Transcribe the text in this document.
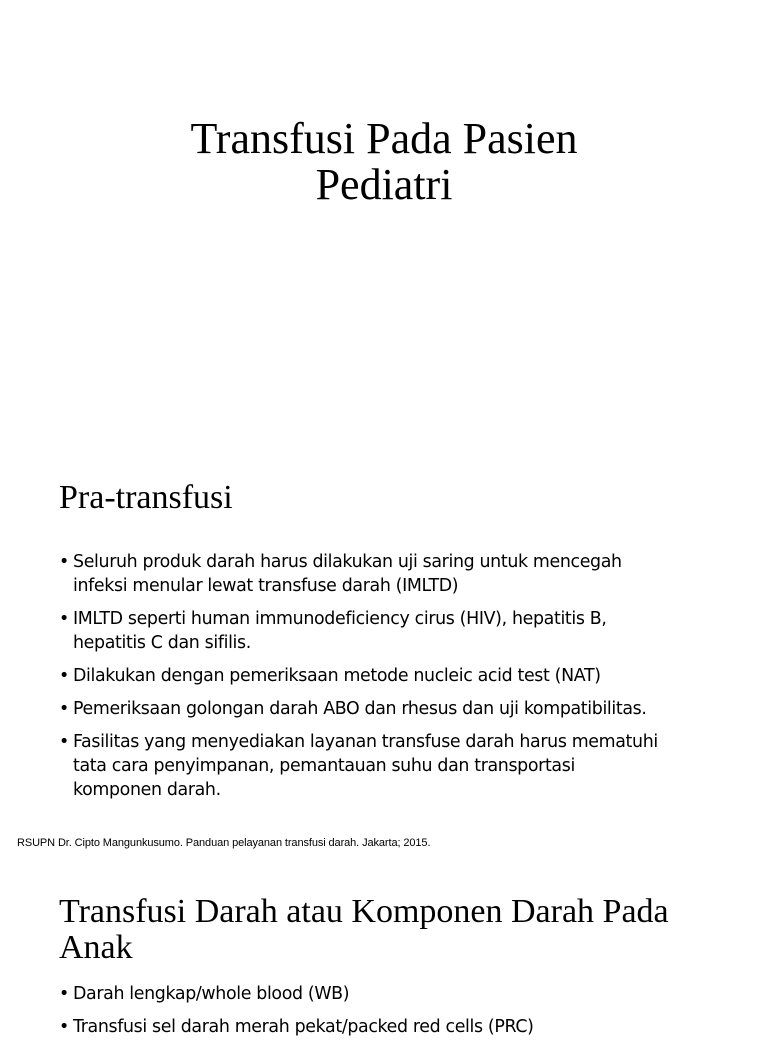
Transfusi Pada Pasien
Pediatri
Pra-transfusi
• Seluruh produk darah harus dilakukan uji saring untuk mencegah
infeksi menular lewat transfuse darah (IMLTD)
• IMLTD seperti human immunodeficiency cirus (HIV), hepatitis B,
hepatitis C dan sifilis.
• Dilakukan dengan pemeriksaan metode nucleic acid test (NAT)
• Pemeriksaan golongan darah ABO dan rhesus dan uji kompatibilitas.
• Fasilitas yang menyediakan layanan transfuse darah harus mematuhi
tata cara penyimpanan, pemantauan suhu dan transportasi
komponen darah.

RSUPN Dr. Cipto Mangunkusumo. Panduan pelayanan transfusi darah. Jakarta; 2015.

Transfusi Darah atau Komponen Darah Pada
Anak
• Darah lengkap/whole blood (WB)
• Transfusi sel darah merah pekat/packed red cells (PRC)
